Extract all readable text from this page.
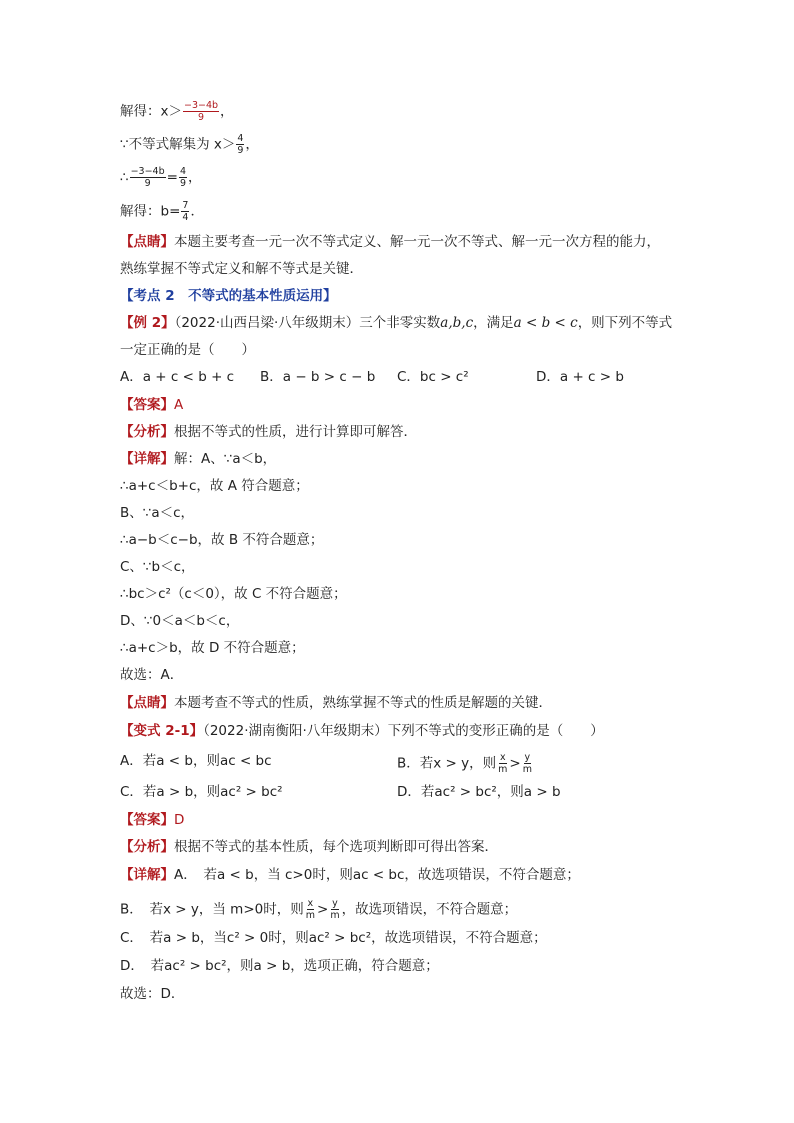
解得：$x> \frac{-3-4b}{9}$ ，
∵不等式解集为 $x> \frac{4}{9}$ ，
∴ $\frac{-3-4b}{9} = \frac{4}{9}$ ，
解得：$b= \frac{7}{4}$ ．
【点睛】本题主要考查一元一次不等式定义、解一元一次不等式、解一元一次方程的能力，
熟练掌握不等式定义和解不等式是关键．
【考点 2　不等式的基本性质运用】
【例 2】（2022·山西吕梁·八年级期末）三个非零实数a,b,c，满足a < b < c，则下列不等式
一定正确的是（　　）
A．a + c < b + c B．a − b > c − b C．bc > c²	D．a + c > b
【答案】A
【分析】根据不等式的性质，进行计算即可解答．
【详解】解：A、∵a＜b，
∴a+c＜b+c，故 A 符合题意；
B、∵a＜c，
∴a−b＜c−b，故 B 不符合题意；
C、∵b＜c，
∴bc＞c²（c＜0），故 C 不符合题意；
D、∵0＜a＜b＜c，
∴a+c＞b，故 D 不符合题意；
故选：A．
【点睛】本题考查不等式的性质，熟练掌握不等式的性质是解题的关键．
【变式 2-1】（2022·湖南衡阳·八年级期末）下列不等式的变形正确的是（　　）
A．若a < b，则ac < bc	B．若x > y，则 $\frac{x}{m} > \frac{y}{m}$
C．若a > b，则ac² > bc²	D．若ac² > bc²，则a > b
【答案】D
【分析】根据不等式的基本性质，每个选项判断即可得出答案．
【详解】A．　若a < b，当 c>0时，则ac < bc，故选项错误，不符合题意；
B．　若x > y，当 m>0时，则 $\frac{x}{m} > \frac{y}{m}$ ，故选项错误，不符合题意；
C．　若a > b，当c² > 0时，则ac² > bc²，故选项错误，不符合题意；
D．　若ac² > bc²，则a > b，选项正确，符合题意；
故选：D．
